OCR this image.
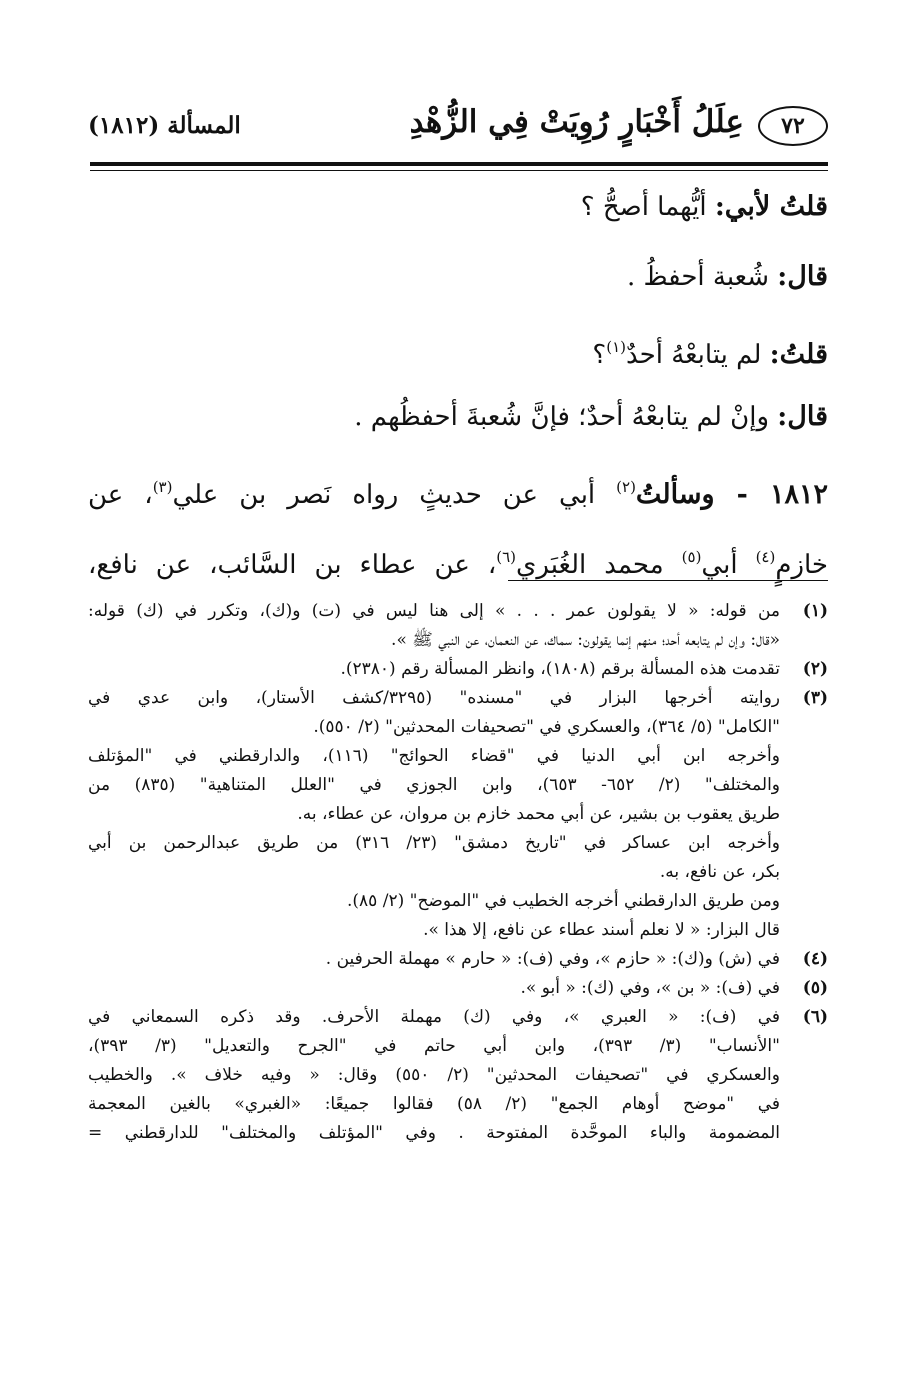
٧٢
عِلَلُ أَخْبَارٍ رُوِيَتْ فِي الزُّهْدِ
المسألة (١٨١٢)
قلتُ لأبي: أيُّهما أصحُّ ؟
قال: شُعبة أحفظُ .
قلتُ: لم يتابعْهُ أحدٌ$^{(١)}$؟
قال: وإنْ لم يتابعْهُ أحدٌ؛ فإنَّ شُعبةَ أحفظُهم .
١٨١٢ - وسألتُ$^{(٢)}$ أبي عن حديثٍ رواه نَصر بن علي$^{(٣)}$، عن
خازمٍ$^{(٤)}$ أبي$^{(٥)}$ محمد الغُبَري$^{(٦)}$، عن عطاء بن السَّائب، عن نافع،
(١)
من قوله: « لا يقولون عمر . . . » إلى هنا ليس في (ت) و(ك)، وتكرر في (ك) قوله:
«قال: وإن لم يتابعه أحد؛ منهم إنما يقولون: سماك، عن النعمان، عن النبي ﷺ ».
(٢)
تقدمت هذه المسألة برقم (١٨٠٨)، وانظر المسألة رقم (٢٣٨٠).
(٣)
روايته أخرجها البزار في "مسنده" (٣٢٩٥/كشف الأستار)، وابن عدي في
"الكامل" (٥/ ٣٦٤)، والعسكري في "تصحيفات المحدثين" (٢/ ٥٥٠).
وأخرجه ابن أبي الدنيا في "قضاء الحوائج" (١١٦)، والدارقطني في "المؤتلف
والمختلف" (٢/ ٦٥٢- ٦٥٣)، وابن الجوزي في "العلل المتناهية" (٨٣٥) من
طريق يعقوب بن بشير، عن أبي محمد خازم بن مروان، عن عطاء، به.
وأخرجه ابن عساكر في "تاريخ دمشق" (٢٣/ ٣١٦) من طريق عبدالرحمن بن أبي
بكر، عن نافع، به.
ومن طريق الدارقطني أخرجه الخطيب في "الموضح" (٢/ ٨٥).
قال البزار: « لا نعلم أسند عطاء عن نافع، إلا هذا ».
(٤)
في (ش) و(ك): « حازم »، وفي (ف): « حارم » مهملة الحرفين .
(٥)
في (ف): « بن »، وفي (ك): « أبو ».
(٦)
في (ف): « العبري »، وفي (ك) مهملة الأحرف. وقد ذكره السمعاني في
"الأنساب" (٣/ ٣٩٣)، وابن أبي حاتم في "الجرح والتعديل" (٣/ ٣٩٣)،
والعسكري في "تصحيفات المحدثين" (٢/ ٥٥٠) وقال: « وفيه خلاف ». والخطيب
في "موضح أوهام الجمع" (٢/ ٥٨) فقالوا جميعًا: «الغبري» بالغين المعجمة
المضمومة والباء الموحَّدة المفتوحة . وفي "المؤتلف والمختلف" للدارقطني =
